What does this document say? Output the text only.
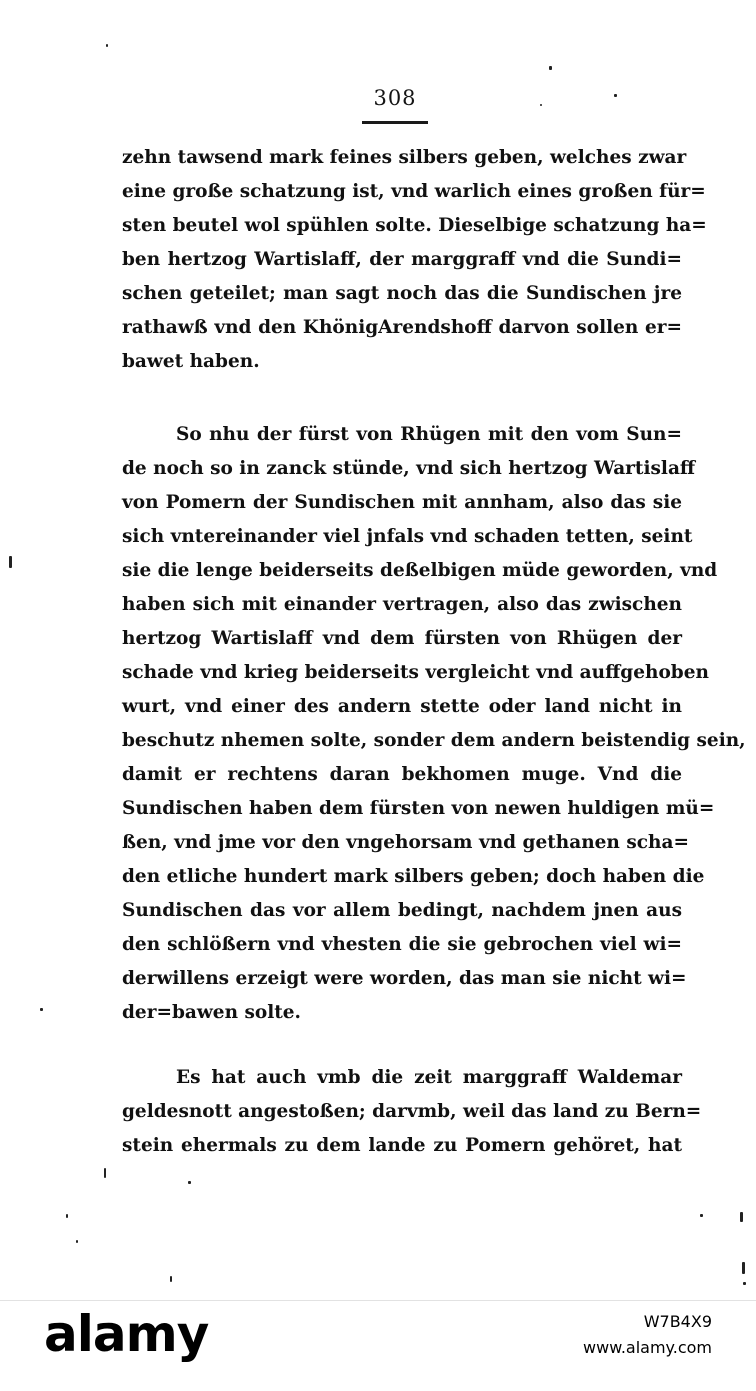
308
zehn tawsend mark feines silbers geben, welches zwar
eine große schatzung ist, vnd warlich eines großen für=
sten beutel wol spühlen solte. Dieselbige schatzung ha=
ben hertzog Wartislaff, der marggraff vnd die Sundi=
schen geteilet; man sagt noch das die Sundischen jre
rathawß vnd den KhönigArendshoff darvon sollen er=
bawet haben.
So nhu der fürst von Rhügen mit den vom Sun=
de noch so in zanck stünde, vnd sich hertzog Wartislaff
von Pomern der Sundischen mit annham, also das sie
sich vntereinander viel jnfals vnd schaden tetten, seint
sie die lenge beiderseits deßelbigen müde geworden, vnd
haben sich mit einander vertragen, also das zwischen
hertzog Wartislaff vnd dem fürsten von Rhügen der
schade vnd krieg beiderseits vergleicht vnd auffgehoben
wurt, vnd einer des andern stette oder land nicht in
beschutz nhemen solte, sonder dem andern beistendig sein,
damit er rechtens daran bekhomen muge. Vnd die
Sundischen haben dem fürsten von newen huldigen mü=
ßen, vnd jme vor den vngehorsam vnd gethanen scha=
den etliche hundert mark silbers geben; doch haben die
Sundischen das vor allem bedingt, nachdem jnen aus
den schlößern vnd vhesten die sie gebrochen viel wi=
derwillens erzeigt were worden, das man sie nicht wi=
der=bawen solte.
Es hat auch vmb die zeit marggraff Waldemar
geldesnott angestoßen; darvmb, weil das land zu Bern=
stein ehermals zu dem lande zu Pomern gehöret, hat
alamy	W7B4X9
www.alamy.com
